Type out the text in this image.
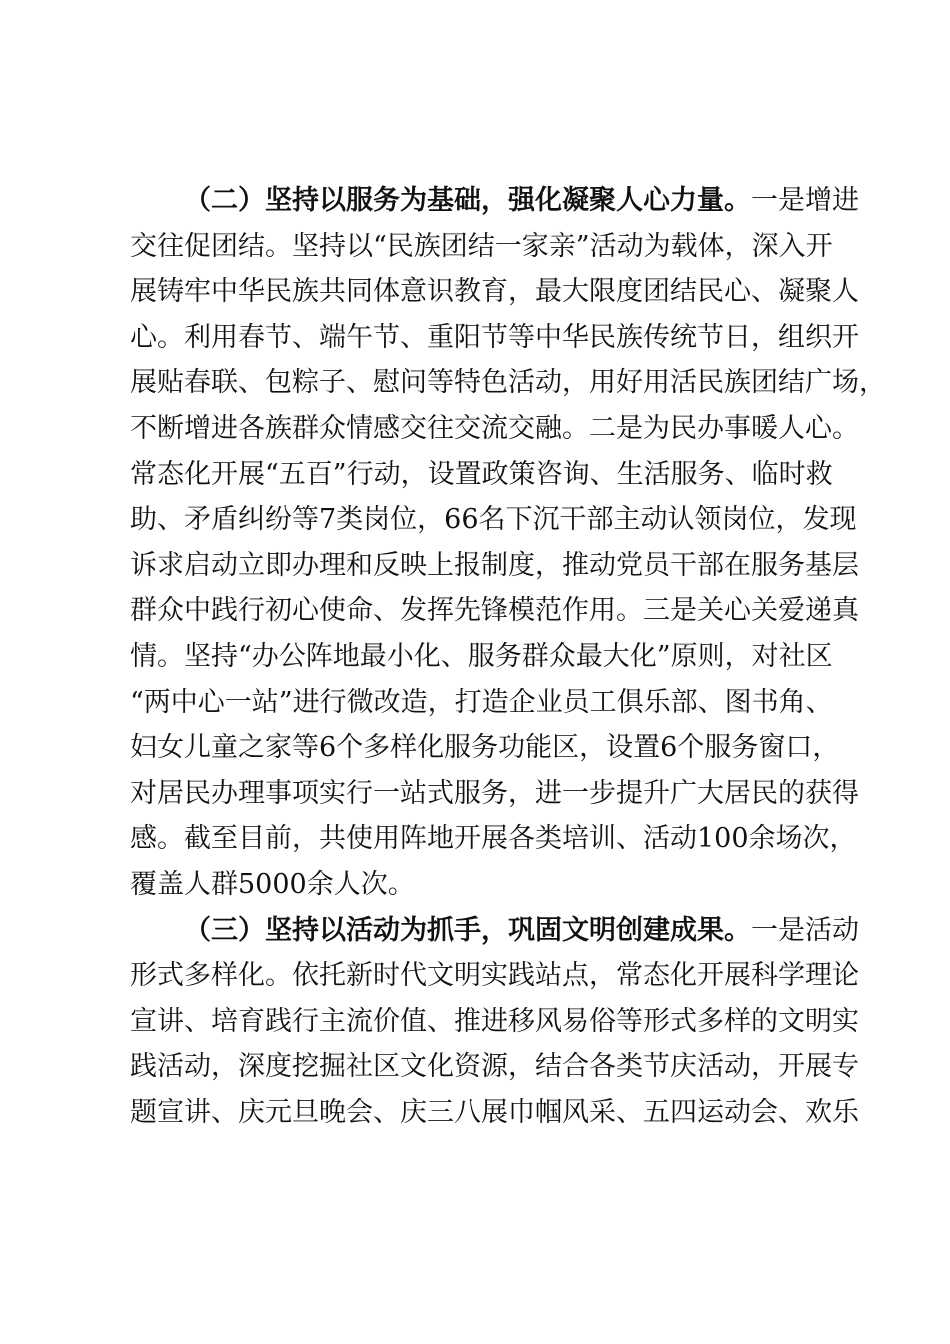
（二）坚持以服务为基础，强化凝聚人心力量。一是增进
交往促团结。坚持以“民族团结一家亲”活动为载体，深入开
展铸牢中华民族共同体意识教育，最大限度团结民心、凝聚人
心。利用春节、端午节、重阳节等中华民族传统节日，组织开
展贴春联、包粽子、慰问等特色活动，用好用活民族团结广场，
不断增进各族群众情感交往交流交融。二是为民办事暖人心。
常态化开展“五百”行动，设置政策咨询、生活服务、临时救
助、矛盾纠纷等7类岗位，66名下沉干部主动认领岗位，发现
诉求启动立即办理和反映上报制度，推动党员干部在服务基层
群众中践行初心使命、发挥先锋模范作用。三是关心关爱递真
情。坚持“办公阵地最小化、服务群众最大化”原则，对社区
“两中心一站”进行微改造，打造企业员工俱乐部、图书角、
妇女儿童之家等6个多样化服务功能区，设置6个服务窗口，
对居民办理事项实行一站式服务，进一步提升广大居民的获得
感。截至目前，共使用阵地开展各类培训、活动100余场次，
覆盖人群5000余人次。
（三）坚持以活动为抓手，巩固文明创建成果。一是活动
形式多样化。依托新时代文明实践站点，常态化开展科学理论
宣讲、培育践行主流价值、推进移风易俗等形式多样的文明实
践活动，深度挖掘社区文化资源，结合各类节庆活动，开展专
题宣讲、庆元旦晚会、庆三八展巾帼风采、五四运动会、欢乐
